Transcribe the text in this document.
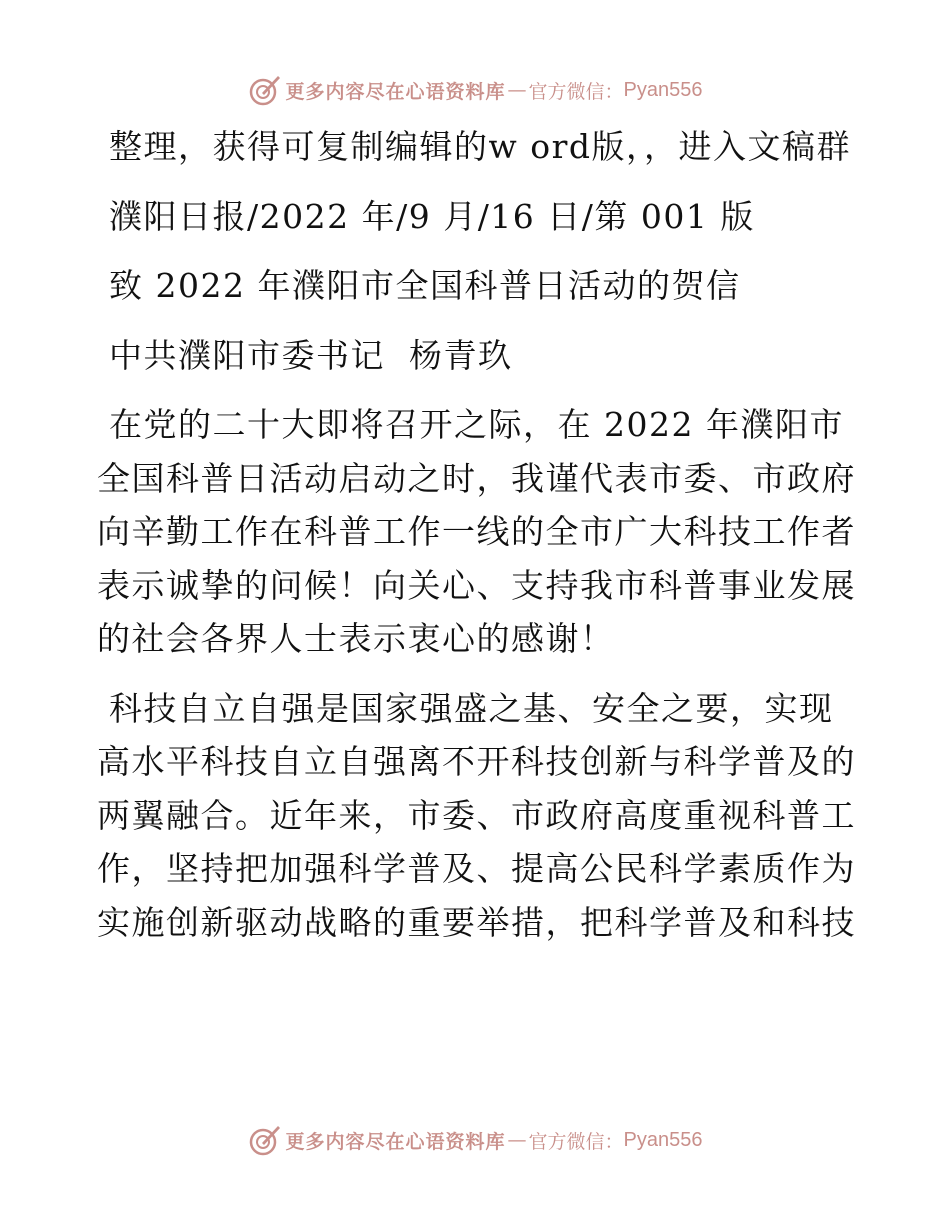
更多内容尽在心语资料库 — 官方微信： Pyan556

整理，获得可复制编辑的w ord版，，进入文稿群

濮阳日报/2022 年/9 月/16 日/第 001 版

致 2022 年濮阳市全国科普日活动的贺信

中共濮阳市委书记  杨青玖

在党的二十大即将召开之际，在 2022 年濮阳市全国科普日活动启动之时，我谨代表市委、市政府向辛勤工作在科普工作一线的全市广大科技工作者表示诚挚的问候！向关心、支持我市科普事业发展的社会各界人士表示衷心的感谢！

科技自立自强是国家强盛之基、安全之要，实现高水平科技自立自强离不开科技创新与科学普及的两翼融合。近年来，市委、市政府高度重视科普工作，坚持把加强科学普及、提高公民科学素质作为实施创新驱动战略的重要举措，把科学普及和科技

更多内容尽在心语资料库 — 官方微信： Pyan556
